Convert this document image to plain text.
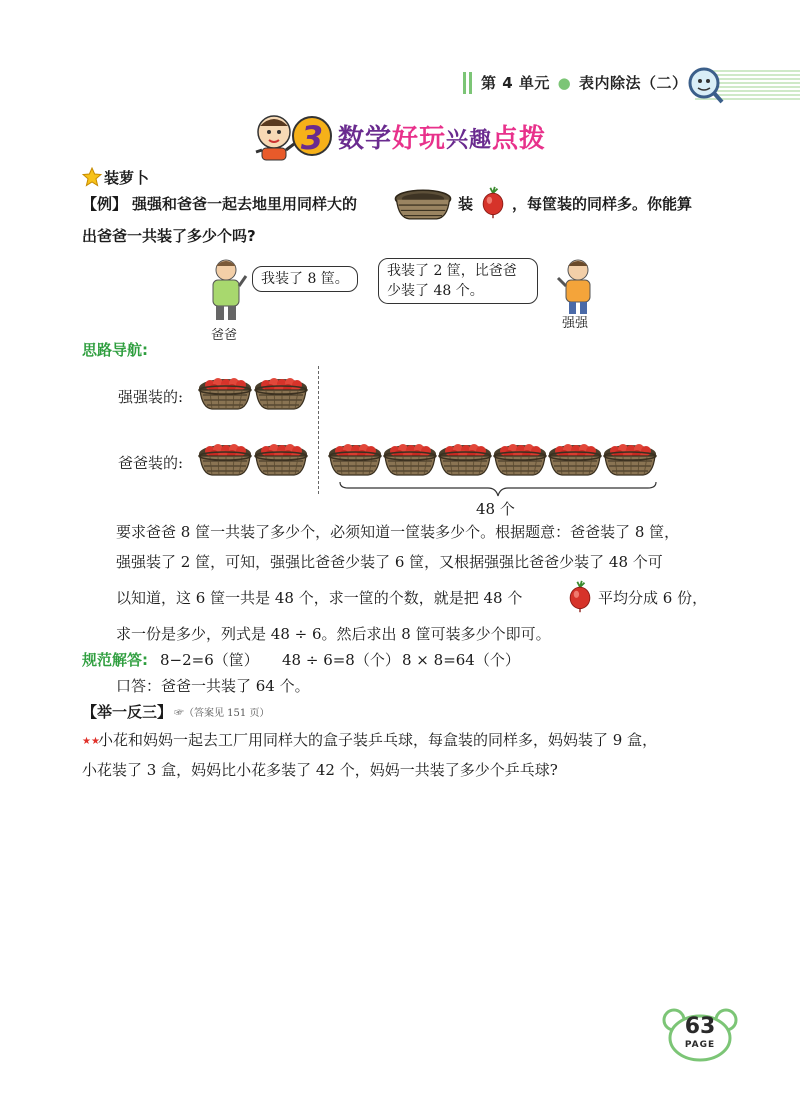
第 4 单元 ● 表内除法（二）
3 数学好玩兴趣点拨
装萝卜
【例】 强强和爸爸一起去地里用同样大的	装	，每筐装的同样多。你能算
出爸爸一共装了多少个吗?
爸爸
我装了 8 筐。	我装了 2 筐，比爸爸
少装了 48 个。
强强
思路导航:
强强装的:
爸爸装的:
48 个
要求爸爸 8 筐一共装了多少个，必须知道一筐装多少个。根据题意：爸爸装了 8 筐，
强强装了 2 筐，可知，强强比爸爸少装了 6 筐，又根据强强比爸爸少装了 48 个可
以知道，这 6 筐一共是 48 个，求一筐的个数，就是把 48 个	平均分成 6 份，
求一份是多少，列式是 48 ÷ 6。然后求出 8 筐可装多少个即可。
规范解答: 8−2=6（筐） 48 ÷ 6=8（个） 8 × 8=64（个）
口答：爸爸一共装了 64 个。
【举一反三】 ☞（答案见 151 页）
★★
小花和妈妈一起去工厂用同样大的盒子装乒乓球，每盒装的同样多，妈妈装了 9 盒，
小花装了 3 盒，妈妈比小花多装了 42 个，妈妈一共装了多少个乒乓球?
63
PAGE
